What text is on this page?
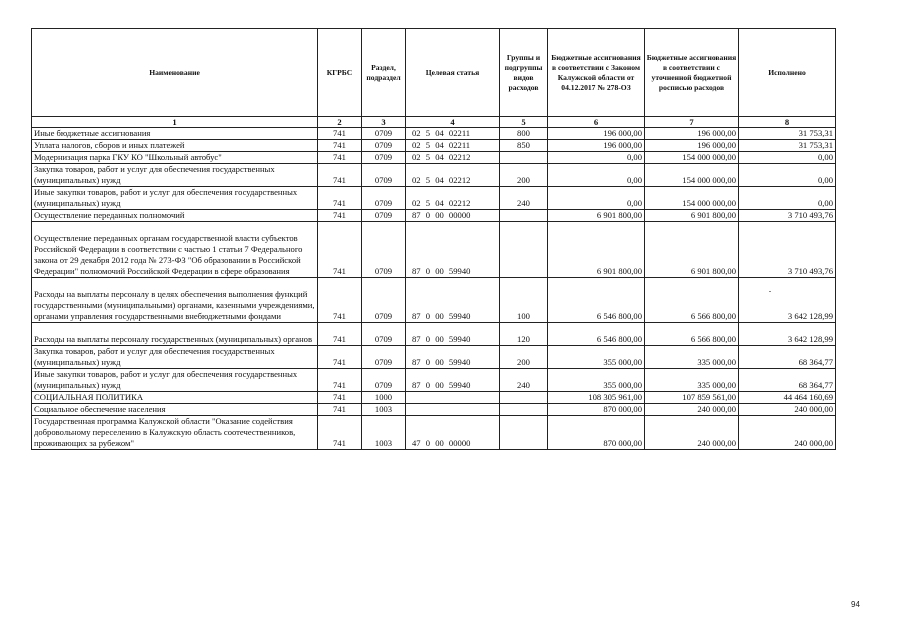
Наименование	КГРБС	Раздел, подраздел	Целевая статья	Группы и подгруппы видов расходов	Бюджетные ассигнования в соответствии с Законом Калужской области от 04.12.2017 № 278-ОЗ	Бюджетные ассигнования в соответствии с уточненной бюджетной росписью расходов	Исполнено
1	2	3	4	5	6	7	8
Иные бюджетные ассигнования	741	0709	02 5 04 02211	800	196 000,00	196 000,00	31 753,31
Уплата налогов, сборов и иных платежей	741	0709	02 5 04 02211	850	196 000,00	196 000,00	31 753,31
Модернизация парка ГКУ КО "Школьный автобус"	741	0709	02 5 04 02212		0,00	154 000 000,00	0,00
Закупка товаров, работ и услуг для обеспечения государственных (муниципальных) нужд	741	0709	02 5 04 02212	200	0,00	154 000 000,00	0,00
Иные закупки товаров, работ и услуг для обеспечения государственных (муниципальных) нужд	741	0709	02 5 04 02212	240	0,00	154 000 000,00	0,00
Осуществление переданных полномочий	741	0709	87 0 00 00000		6 901 800,00	6 901 800,00	3 710 493,76
Осуществление переданных органам государственной власти субъектов Российской Федерации в соответствии с частью 1 статьи 7 Федерального закона от 29 декабря 2012 года № 273-ФЗ "Об образовании в Российской Федерации" полномочий Российской Федерации в сфере образования	741	0709	87 0 00 59940		6 901 800,00	6 901 800,00	3 710 493,76
Расходы на выплаты персоналу в целях обеспечения выполнения функций государственными (муниципальными) органами, казенными учреждениями, органами управления государственными внебюджетными фондами	741	0709	87 0 00 59940	100	6 546 800,00	6 566 800,00	3 642 128,99
Расходы на выплаты персоналу государственных (муниципальных) органов	741	0709	87 0 00 59940	120	6 546 800,00	6 566 800,00	3 642 128,99
Закупка товаров, работ и услуг для обеспечения государственных (муниципальных) нужд	741	0709	87 0 00 59940	200	355 000,00	335 000,00	68 364,77
Иные закупки товаров, работ и услуг для обеспечения государственных (муниципальных) нужд	741	0709	87 0 00 59940	240	355 000,00	335 000,00	68 364,77
СОЦИАЛЬНАЯ ПОЛИТИКА	741	1000			108 305 961,00	107 859 561,00	44 464 160,69
Социальное обеспечение населения	741	1003			870 000,00	240 000,00	240 000,00
Государственная программа Калужской области "Оказание содействия добровольному переселению в Калужскую область соотечественников, проживающих за рубежом"	741	1003	47 0 00 00000		870 000,00	240 000,00	240 000,00
94
